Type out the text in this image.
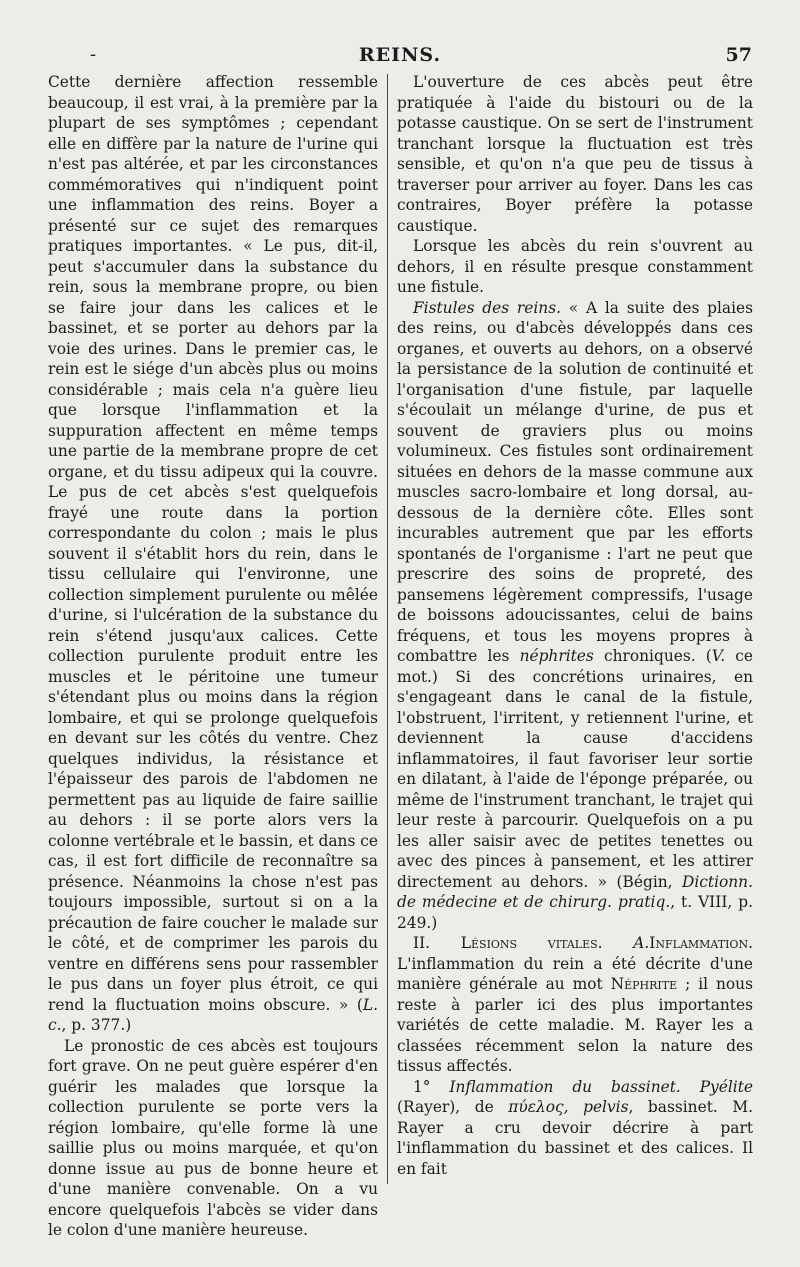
-	REINS.	57

Cette dernière affection ressemble beaucoup, il est vrai, à la première par la plupart de ses symptômes ; cependant elle en diffère par la nature de l'urine qui n'est pas altérée, et par les circonstances commémoratives qui n'indiquent point une inflammation des reins. Boyer a présenté sur ce sujet des remarques pratiques importantes. « Le pus, dit-il, peut s'accumuler dans la substance du rein, sous la membrane propre, ou bien se faire jour dans les calices et le bassinet, et se porter au dehors par la voie des urines. Dans le premier cas, le rein est le siége d'un abcès plus ou moins considérable ; mais cela n'a guère lieu que lorsque l'inflammation et la suppuration affectent en même temps une partie de la membrane propre de cet organe, et du tissu adipeux qui la couvre. Le pus de cet abcès s'est quelquefois frayé une route dans la portion correspondante du colon ; mais le plus souvent il s'établit hors du rein, dans le tissu cellulaire qui l'environne, une collection simplement purulente ou mêlée d'urine, si l'ulcération de la substance du rein s'étend jusqu'aux calices. Cette collection purulente produit entre les muscles et le péritoine une tumeur s'étendant plus ou moins dans la région lombaire, et qui se prolonge quelquefois en devant sur les côtés du ventre. Chez quelques individus, la résistance et l'épaisseur des parois de l'abdomen ne permettent pas au liquide de faire saillie au dehors : il se porte alors vers la colonne vertébrale et le bassin, et dans ce cas, il est fort difficile de reconnaître sa présence. Néanmoins la chose n'est pas toujours impossible, surtout si on a la précaution de faire coucher le malade sur le côté, et de comprimer les parois du ventre en différens sens pour rassembler le pus dans un foyer plus étroit, ce qui rend la fluctuation moins obscure. » (L. c., p. 377.)

Le pronostic de ces abcès est toujours fort grave. On ne peut guère espérer d'en guérir les malades que lorsque la collection purulente se porte vers la région lombaire, qu'elle forme là une saillie plus ou moins marquée, et qu'on donne issue au pus de bonne heure et d'une manière convenable. On a vu encore quelquefois l'abcès se vider dans le colon d'une manière heureuse.

L'ouverture de ces abcès peut être pratiquée à l'aide du bistouri ou de la potasse caustique. On se sert de l'instrument tranchant lorsque la fluctuation est très sensible, et qu'on n'a que peu de tissus à traverser pour arriver au foyer. Dans les cas contraires, Boyer préfère la potasse caustique.

Lorsque les abcès du rein s'ouvrent au dehors, il en résulte presque constamment une fistule.

Fistules des reins. « A la suite des plaies des reins, ou d'abcès développés dans ces organes, et ouverts au dehors, on a observé la persistance de la solution de continuité et l'organisation d'une fistule, par laquelle s'écoulait un mélange d'urine, de pus et souvent de graviers plus ou moins volumineux. Ces fistules sont ordinairement situées en dehors de la masse commune aux muscles sacro-lombaire et long dorsal, au-dessous de la dernière côte. Elles sont incurables autrement que par les efforts spontanés de l'organisme : l'art ne peut que prescrire des soins de propreté, des pansemens légèrement compressifs, l'usage de boissons adoucissantes, celui de bains fréquens, et tous les moyens propres à combattre les néphrites chroniques. (V. ce mot.) Si des concrétions urinaires, en s'engageant dans le canal de la fistule, l'obstruent, l'irritent, y retiennent l'urine, et deviennent la cause d'accidens inflammatoires, il faut favoriser leur sortie en dilatant, à l'aide de l'éponge préparée, ou même de l'instrument tranchant, le trajet qui leur reste à parcourir. Quelquefois on a pu les aller saisir avec de petites tenettes ou avec des pinces à pansement, et les attirer directement au dehors. » (Bégin, Dictionn. de médecine et de chirurg. pratiq., t. VIII, p. 249.)

II. Lésions vitales. A.Inflammation. L'inflammation du rein a été décrite d'une manière générale au mot Néphrite ; il nous reste à parler ici des plus importantes variétés de cette maladie. M. Rayer les a classées récemment selon la nature des tissus affectés.

1° Inflammation du bassinet. Pyélite (Rayer), de πύελος, pelvis, bassinet. M. Rayer a cru devoir décrire à part l'inflammation du bassinet et des calices. Il en fait
